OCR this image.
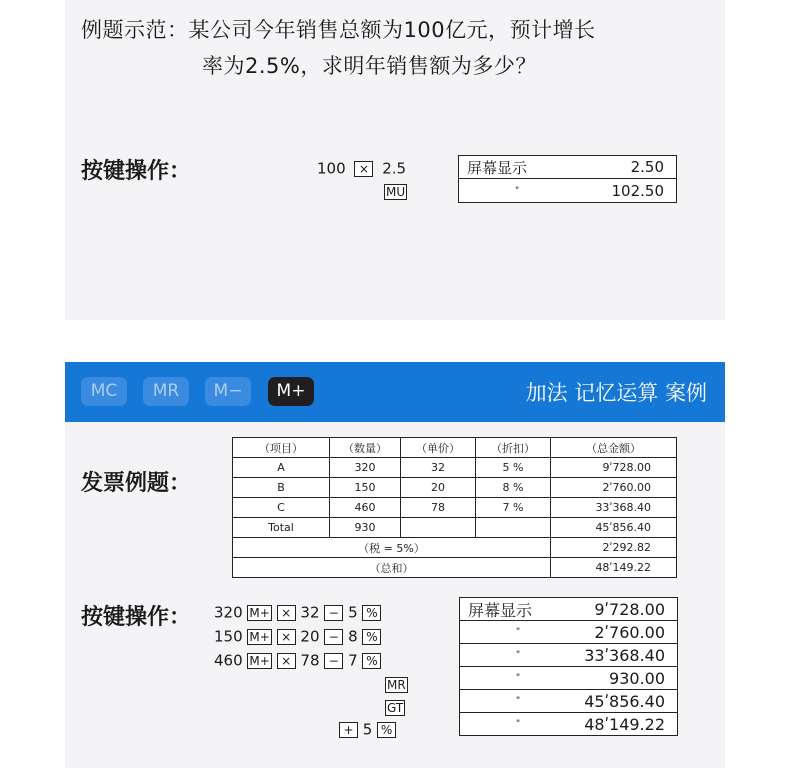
例题示范：某公司今年销售总额为100亿元，预计增长
率为2.5%，求明年销售额为多少？
按键操作：	100 × 2.5
MU
屏幕显示	2.50
"	102.50
MC	MR	M−	M+	加法 记忆运算 案例
发票例题：
（项目）	（数量）	（单价）	（折扣）	（总金额）
A	320	32	5 %	9ʹ728.00
B	150	20	8 %	2ʹ760.00
C	460	78	7 %	33ʹ368.40
Total	930			45ʹ856.40
（税 = 5%）				2ʹ292.82
（总和）				48ʹ149.22
按键操作： 320 M+ × 32 − 5 %
150 M+ × 20 − 8 %
460 M+ × 78 − 7 %
MR
GT
+ 5 %
屏幕显示	9ʹ728.00
"	2ʹ760.00
"	33ʹ368.40
"	930.00
"	45ʹ856.40
"	48ʹ149.22
